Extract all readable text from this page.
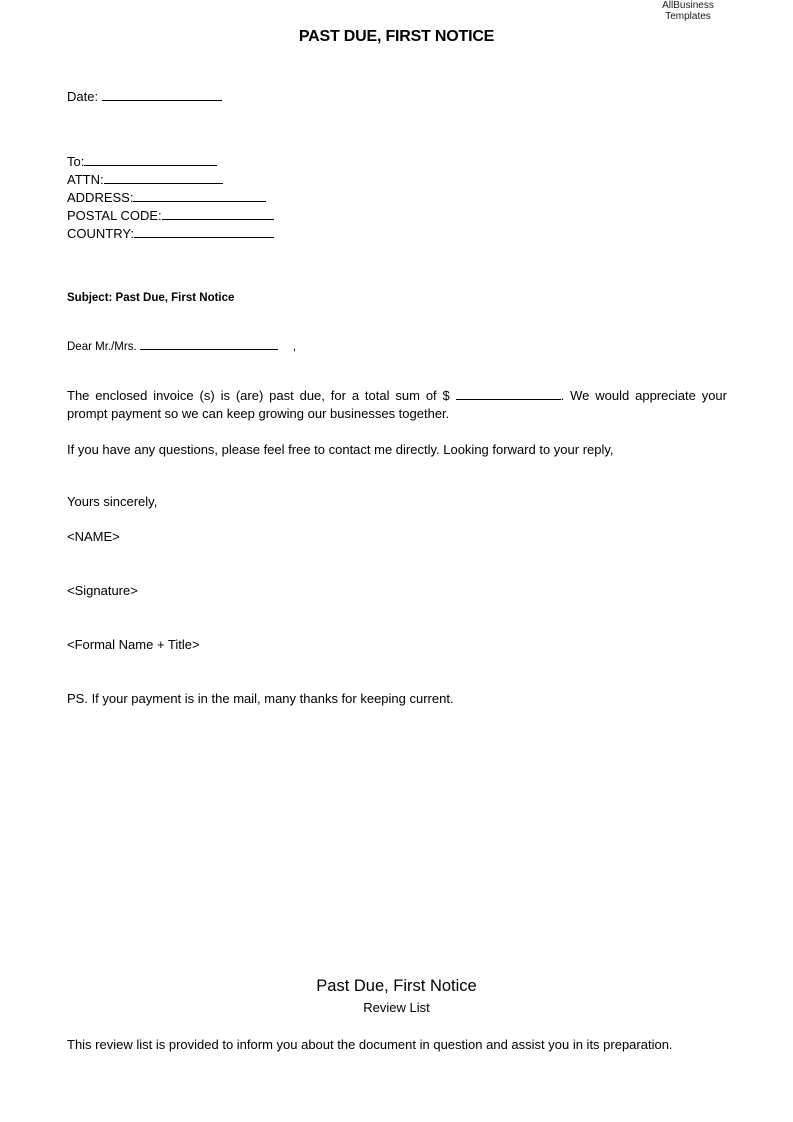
AllBusiness
Templates
PAST DUE, FIRST NOTICE
Date:
To:
ATTN:
ADDRESS:
POSTAL CODE:
COUNTRY:
Subject: Past Due, First Notice
Dear Mr./Mrs.	,
The enclosed invoice (s) is (are) past due, for a total sum of $	. We would appreciate your prompt payment so we can keep growing our businesses together.
If you have any questions, please feel free to contact me directly. Looking forward to your reply,
Yours sincerely,
<NAME>
<Signature>
<Formal Name + Title>
PS. If your payment is in the mail, many thanks for keeping current.
Past Due, First Notice
Review List
This review list is provided to inform you about the document in question and assist you in its preparation.
